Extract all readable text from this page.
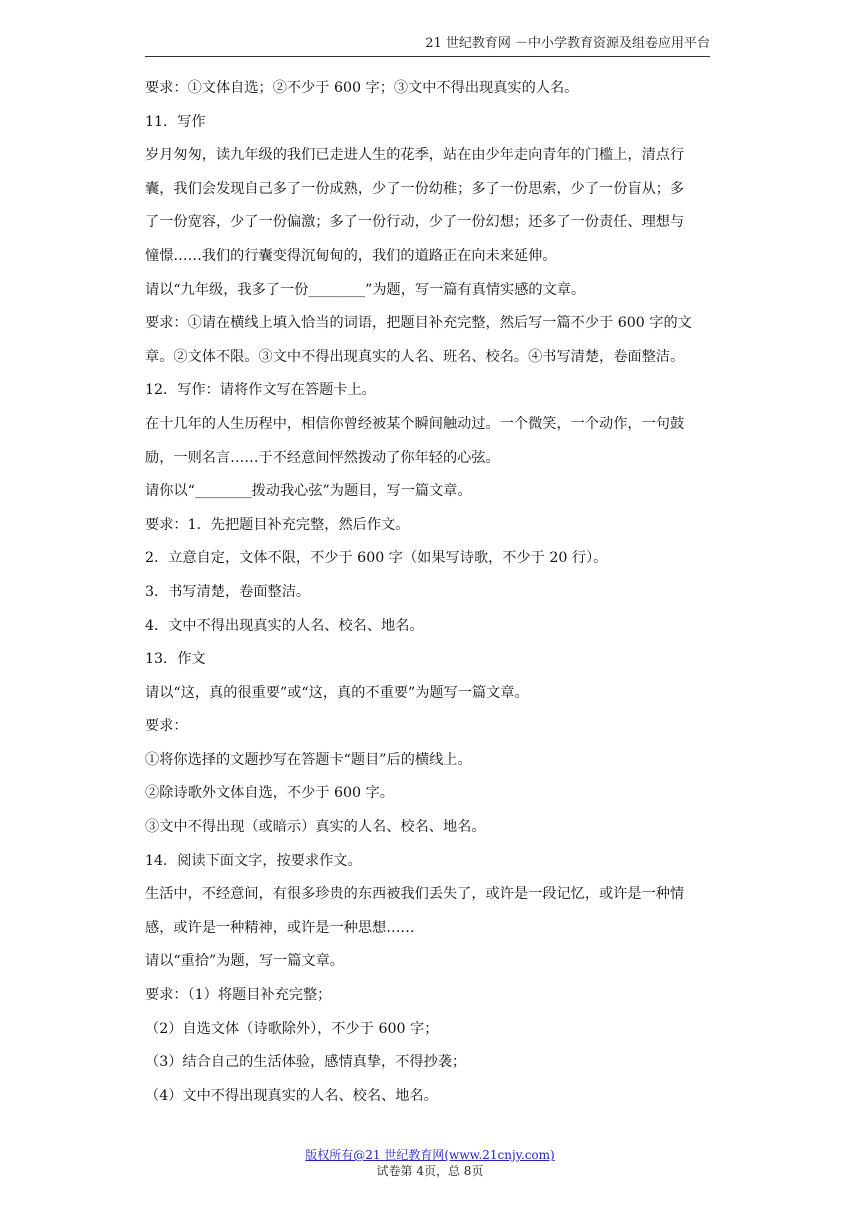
21 世纪教育网 －中小学教育资源及组卷应用平台

要求：①文体自选；②不少于 600 字；③文中不得出现真实的人名。

11．写作

岁月匆匆，读九年级的我们已走进人生的花季，站在由少年走向青年的门槛上，清点行

囊，我们会发现自己多了一份成熟，少了一份幼稚；多了一份思索，少了一份盲从；多

了一份宽容，少了一份偏激；多了一份行动，少了一份幻想；还多了一份责任、理想与

憧憬……我们的行囊变得沉甸甸的，我们的道路正在向未来延伸。

请以“九年级，我多了一份________”为题，写一篇有真情实感的文章。

要求：①请在横线上填入恰当的词语，把题目补充完整，然后写一篇不少于 600 字的文

章。②文体不限。③文中不得出现真实的人名、班名、校名。④书写清楚，卷面整洁。

12．写作：请将作文写在答题卡上。

在十几年的人生历程中，相信你曾经被某个瞬间触动过。一个微笑，一个动作，一句鼓

励，一则名言……于不经意间怦然拨动了你年轻的心弦。

请你以“________拨动我心弦”为题目，写一篇文章。

要求：1．先把题目补充完整，然后作文。

2．立意自定，文体不限，不少于 600 字（如果写诗歌，不少于 20 行）。

3．书写清楚，卷面整洁。

4．文中不得出现真实的人名、校名、地名。

13．作文

请以“这，真的很重要”或“这，真的不重要”为题写一篇文章。

要求：

①将你选择的文题抄写在答题卡“题目”后的横线上。

②除诗歌外文体自选，不少于 600 字。

③文中不得出现（或暗示）真实的人名、校名、地名。

14．阅读下面文字，按要求作文。

生活中，不经意间，有很多珍贵的东西被我们丢失了，或许是一段记忆，或许是一种情

感，或许是一种精神，或许是一种思想……

请以“重拾”为题，写一篇文章。

要求：（1）将题目补充完整；

（2）自选文体（诗歌除外），不少于 600 字；

（3）结合自己的生活体验，感情真挚，不得抄袭；

（4）文中不得出现真实的人名、校名、地名。

版权所有@21 世纪教育网(www.21cnjy.com)
试卷第 4页，总 8页
